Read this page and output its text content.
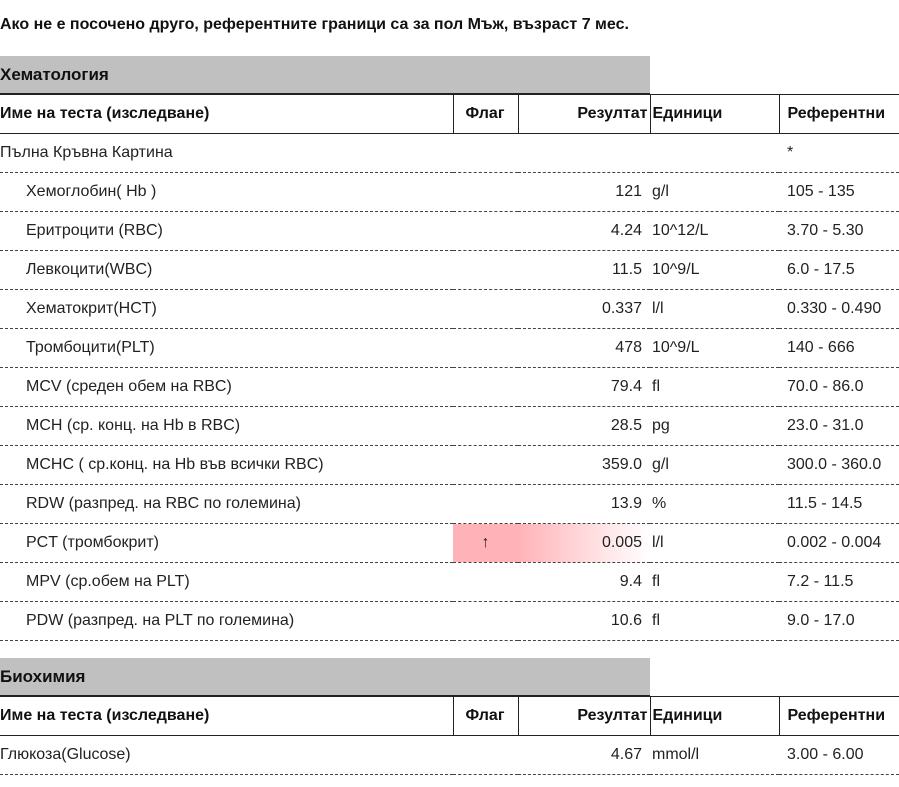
Ако не е посочено друго, референтните граници са за пол Мъж, възраст 7 мес.
Хематология
Име на теста (изследване)	Флаг	Резултат	Единици	Референтни
Пълна Кръвна Картина				*
Хемоглобин( Hb )		121	g/l	105 - 135
Еритроцити (RBC)		4.24	10^12/L	3.70 - 5.30
Левкоцити(WBC)		11.5	10^9/L	6.0 - 17.5
Хематокрит(HCT)		0.337	l/l	0.330 - 0.490
Тромбоцити(PLT)		478	10^9/L	140 - 666
MCV (среден обем на RBC)		79.4	fl	70.0 - 86.0
MCH (ср. конц. на Hb в RBC)		28.5	pg	23.0 - 31.0
MCHC ( ср.конц. на Hb във всички RBC)		359.0	g/l	300.0 - 360.0
RDW (разпред. на RBC по големина)		13.9	%	11.5 - 14.5
PCT (тромбокрит)	↑	0.005	l/l	0.002 - 0.004
MPV (ср.обем на PLT)		9.4	fl	7.2 - 11.5
PDW (разпред. на PLT по големина)		10.6	fl	9.0 - 17.0
Биохимия
Име на теста (изследване)	Флаг	Резултат	Единици	Референтни
Глюкоза(Glucose)		4.67	mmol/l	3.00 - 6.00
